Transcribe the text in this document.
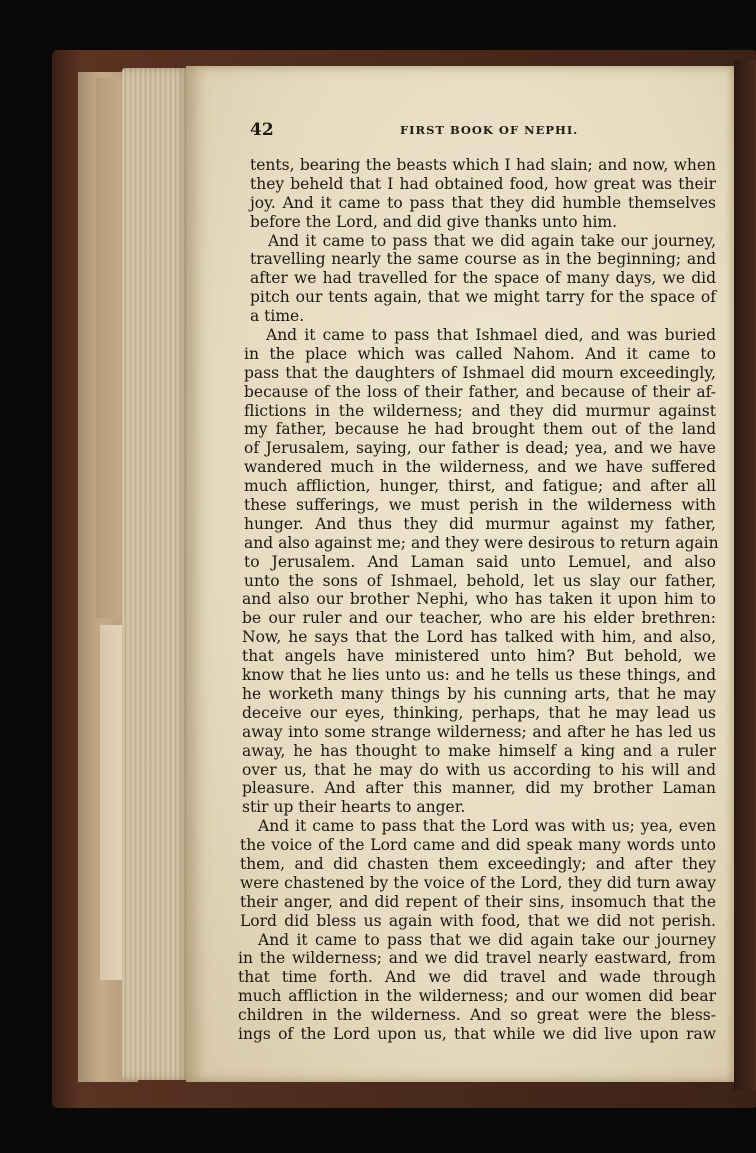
42	FIRST BOOK OF NEPHI.
tents, bearing the beasts which I had slain; and now, when
they beheld that I had obtained food, how great was their
joy. And it came to pass that they did humble themselves
before the Lord, and did give thanks unto him.
And it came to pass that we did again take our journey,
travelling nearly the same course as in the beginning; and
after we had travelled for the space of many days, we did
pitch our tents again, that we might tarry for the space of
a time.
And it came to pass that Ishmael died, and was buried
in the place which was called Nahom. And it came to
pass that the daughters of Ishmael did mourn exceedingly,
because of the loss of their father, and because of their af-
flictions in the wilderness; and they did murmur against
my father, because he had brought them out of the land
of Jerusalem, saying, our father is dead; yea, and we have
wandered much in the wilderness, and we have suffered
much affliction, hunger, thirst, and fatigue; and after all
these sufferings, we must perish in the wilderness with
hunger. And thus they did murmur against my father,
and also against me; and they were desirous to return again
to Jerusalem. And Laman said unto Lemuel, and also
unto the sons of Ishmael, behold, let us slay our father,
and also our brother Nephi, who has taken it upon him to
be our ruler and our teacher, who are his elder brethren:
Now, he says that the Lord has talked with him, and also,
that angels have ministered unto him? But behold, we
know that he lies unto us: and he tells us these things, and
he worketh many things by his cunning arts, that he may
deceive our eyes, thinking, perhaps, that he may lead us
away into some strange wilderness; and after he has led us
away, he has thought to make himself a king and a ruler
over us, that he may do with us according to his will and
pleasure. And after this manner, did my brother Laman
stir up their hearts to anger.
And it came to pass that the Lord was with us; yea, even
the voice of the Lord came and did speak many words unto
them, and did chasten them exceedingly; and after they
were chastened by the voice of the Lord, they did turn away
their anger, and did repent of their sins, insomuch that the
Lord did bless us again with food, that we did not perish.
And it came to pass that we did again take our journey
in the wilderness; and we did travel nearly eastward, from
that time forth. And we did travel and wade through
much affliction in the wilderness; and our women did bear
children in the wilderness. And so great were the bless-
ings of the Lord upon us, that while we did live upon raw
